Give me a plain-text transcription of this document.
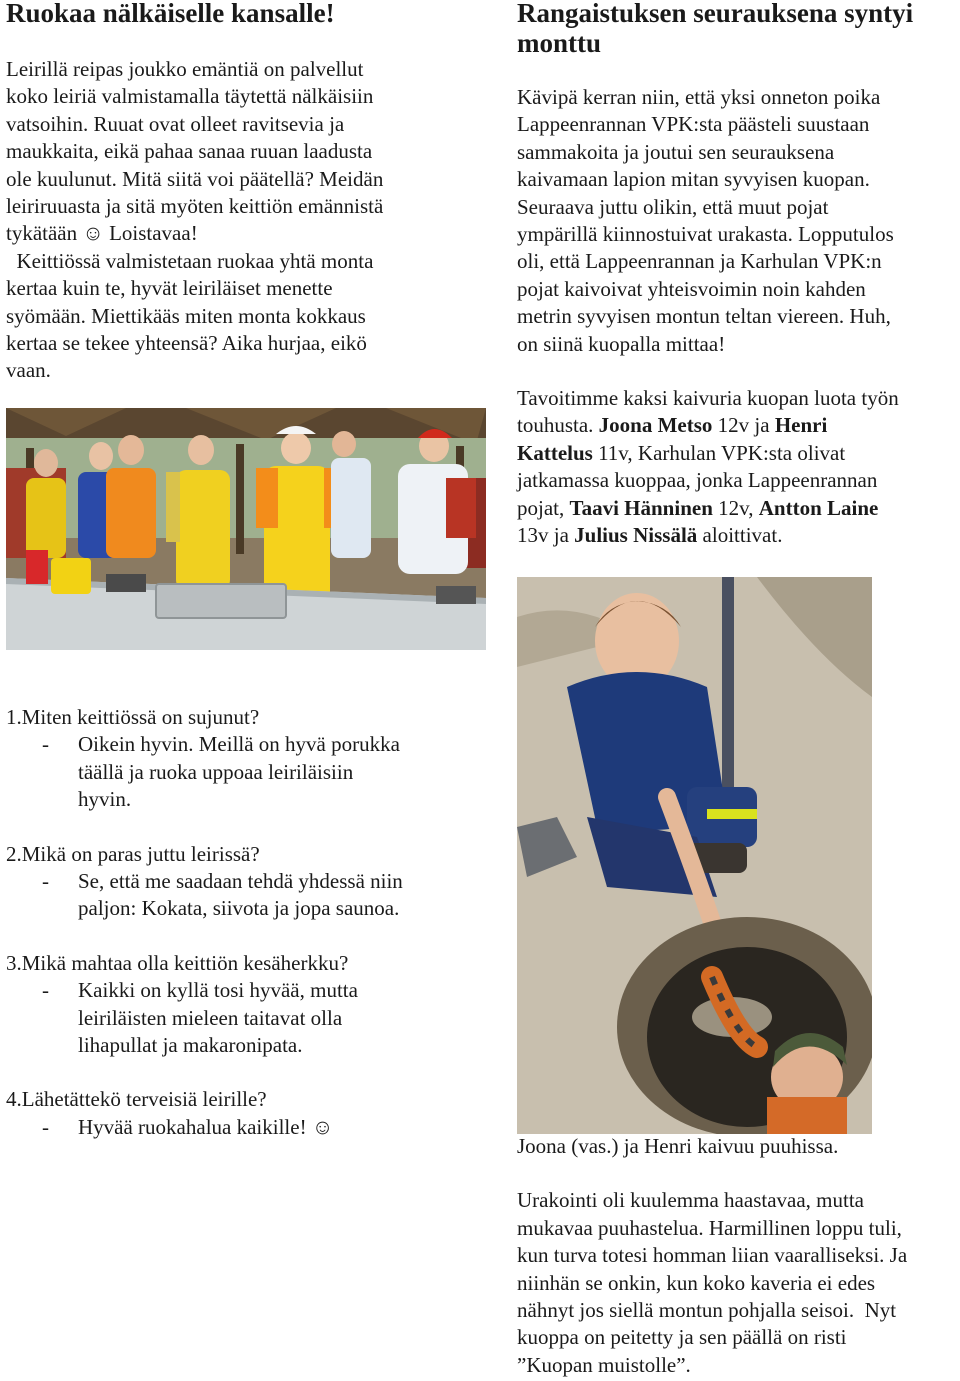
Ruokaa nälkäiselle kansalle!

Leirillä reipas joukko emäntiä on palvellut

koko leiriä valmistamalla täytettä nälkäisiin

vatsoihin. Ruuat ovat olleet ravitsevia ja

maukkaita, eikä pahaa sanaa ruuan laadusta

ole kuulunut. Mitä siitä voi päätellä? Meidän

leiriruuasta ja sitä myöten keittiön emännistä

tykätään ☺ Loistavaa!

Keittiössä valmistetaan ruokaa yhtä monta

kertaa kuin te, hyvät leiriläiset menette

syömään. Miettikääs miten monta kokkaus

kertaa se tekee yhteensä? Aika hurjaa, eikö

vaan.

1.Miten keittiössä on sujunut?
-	Oikein hyvin. Meillä on hyvä porukka
täällä ja ruoka uppoaa leiriläisiin
hyvin.
2.Mikä on paras juttu leirissä?
-	Se, että me saadaan tehdä yhdessä niin
paljon: Kokata, siivota ja jopa saunoa.
3.Mikä mahtaa olla keittiön kesäherkku?
-	Kaikki on kyllä tosi hyvää, mutta
leiriläisten mieleen taitavat olla
lihapullat ja makaronipata.
4.Lähetättekö terveisiä leirille?
-	Hyvää ruokahalua kaikille! ☺
Rangaistuksen seurauksena syntyi monttu

Kävipä kerran niin, että yksi onneton poika

Lappeenrannan VPK:sta päästeli suustaan

sammakoita ja joutui sen seurauksena

kaivamaan lapion mitan syvyisen kuopan.

Seuraava juttu olikin, että muut pojat

ympärillä kiinnostuivat urakasta. Lopputulos

oli, että Lappeenrannan ja Karhulan VPK:n

pojat kaivoivat yhteisvoimin noin kahden

metrin syvyisen montun teltan viereen. Huh,

on siinä kuopalla mittaa!

Tavoitimme kaksi kaivuria kuopan luota työn

touhusta. Joona Metso 12v ja Henri

Kattelus 11v, Karhulan VPK:sta olivat

jatkamassa kuoppaa, jonka Lappeenrannan

pojat, Taavi Hänninen 12v, Antton Laine

13v ja Julius Nissälä aloittivat.

Joona (vas.) ja Henri kaivuu puuhissa.

Urakointi oli kuulemma haastavaa, mutta

mukavaa puuhastelua. Harmillinen loppu tuli,

kun turva totesi homman liian vaaralliseksi. Ja

niinhän se onkin, kun koko kaveria ei edes

nähnyt jos siellä montun pohjalla seisoi.  Nyt

kuoppa on peitetty ja sen päällä on risti

”Kuopan muistolle”.
